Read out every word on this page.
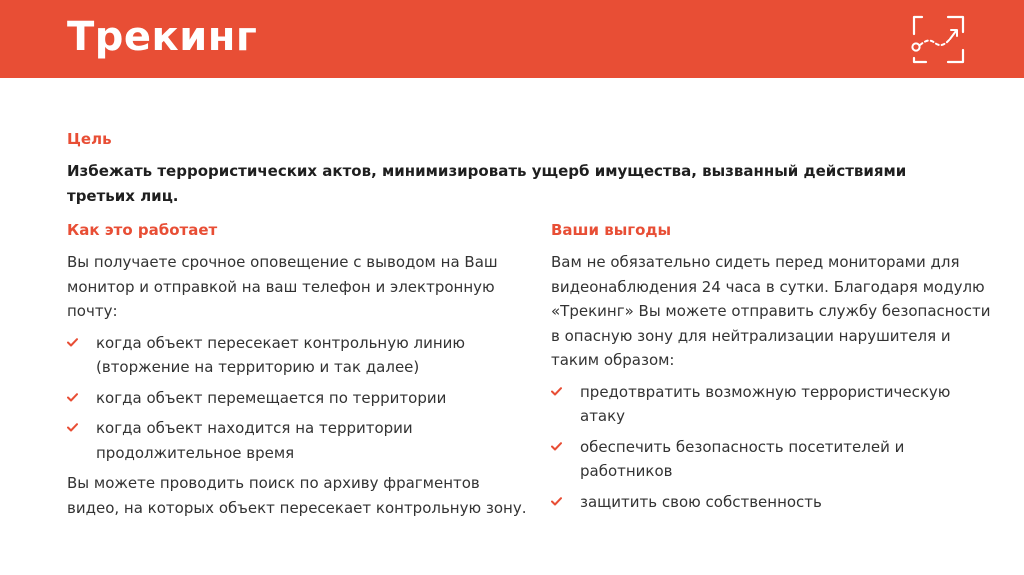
Трекинг
Цель
Избежать террористических актов, минимизировать ущерб имущества, вызванный действиями третьих лиц.
Как это работает

Вы получаете срочное оповещение с выводом на Ваш монитор и отправкой на ваш телефон и электронную почту:

когда объект пересекает контрольную линию (вторжение на территорию и так далее)
когда объект перемещается по территории
когда объект находится на территории продолжительное время

Вы можете проводить поиск по архиву фрагментов видео, на которых объект пересекает контрольную зону.

Ваши выгоды

Вам не обязательно сидеть перед мониторами для видеонаблюдения 24 часа в сутки. Благодаря модулю «Трекинг» Вы можете отправить службу безопасности в опасную зону для нейтрализации нарушителя и таким образом:

предотвратить возможную террористическую атаку
обеспечить безопасность посетителей и работников
защитить свою собственность
